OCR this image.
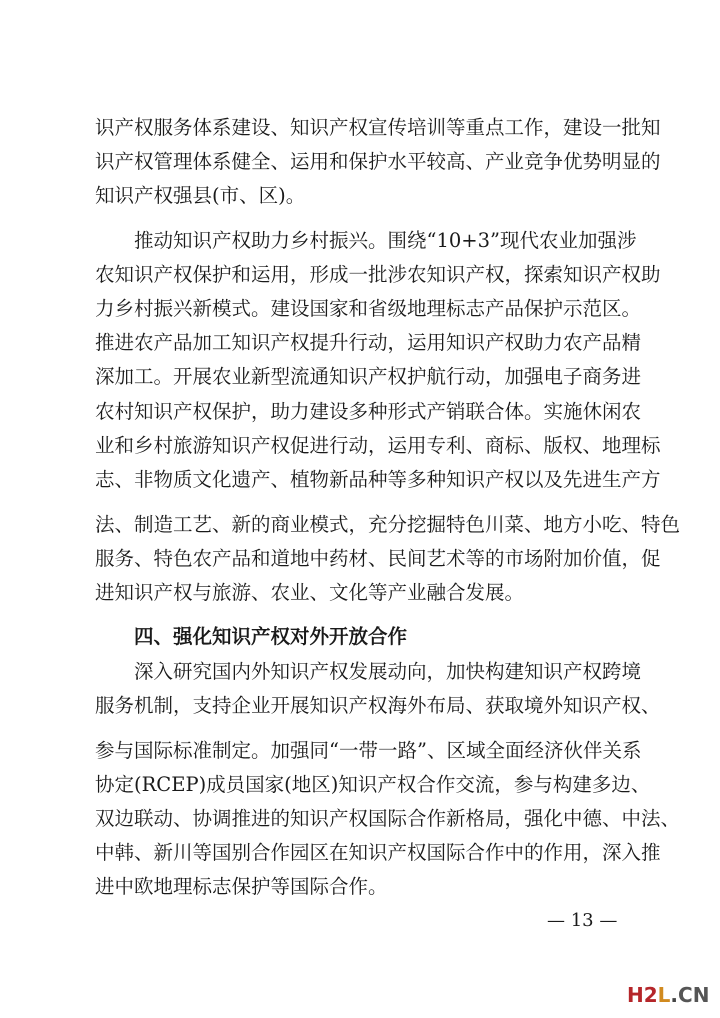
识产权服务体系建设、知识产权宣传培训等重点工作，建设一批知
识产权管理体系健全、运用和保护水平较高、产业竞争优势明显的
知识产权强县(市、区)。
推动知识产权助力乡村振兴。围绕“10+3”现代农业加强涉
农知识产权保护和运用，形成一批涉农知识产权，探索知识产权助
力乡村振兴新模式。建设国家和省级地理标志产品保护示范区。
推进农产品加工知识产权提升行动，运用知识产权助力农产品精
深加工。开展农业新型流通知识产权护航行动，加强电子商务进
农村知识产权保护，助力建设多种形式产销联合体。实施休闲农
业和乡村旅游知识产权促进行动，运用专利、商标、版权、地理标
志、非物质文化遗产、植物新品种等多种知识产权以及先进生产方
法、制造工艺、新的商业模式，充分挖掘特色川菜、地方小吃、特色
服务、特色农产品和道地中药材、民间艺术等的市场附加价值，促
进知识产权与旅游、农业、文化等产业融合发展。
四、强化知识产权对外开放合作
深入研究国内外知识产权发展动向，加快构建知识产权跨境
服务机制，支持企业开展知识产权海外布局、获取境外知识产权、
参与国际标准制定。加强同“一带一路”、区域全面经济伙伴关系
协定(RCEP)成员国家(地区)知识产权合作交流，参与构建多边、
双边联动、协调推进的知识产权国际合作新格局，强化中德、中法、
中韩、新川等国别合作园区在知识产权国际合作中的作用，深入推
进中欧地理标志保护等国际合作。
— 13 —
H2L.CN
